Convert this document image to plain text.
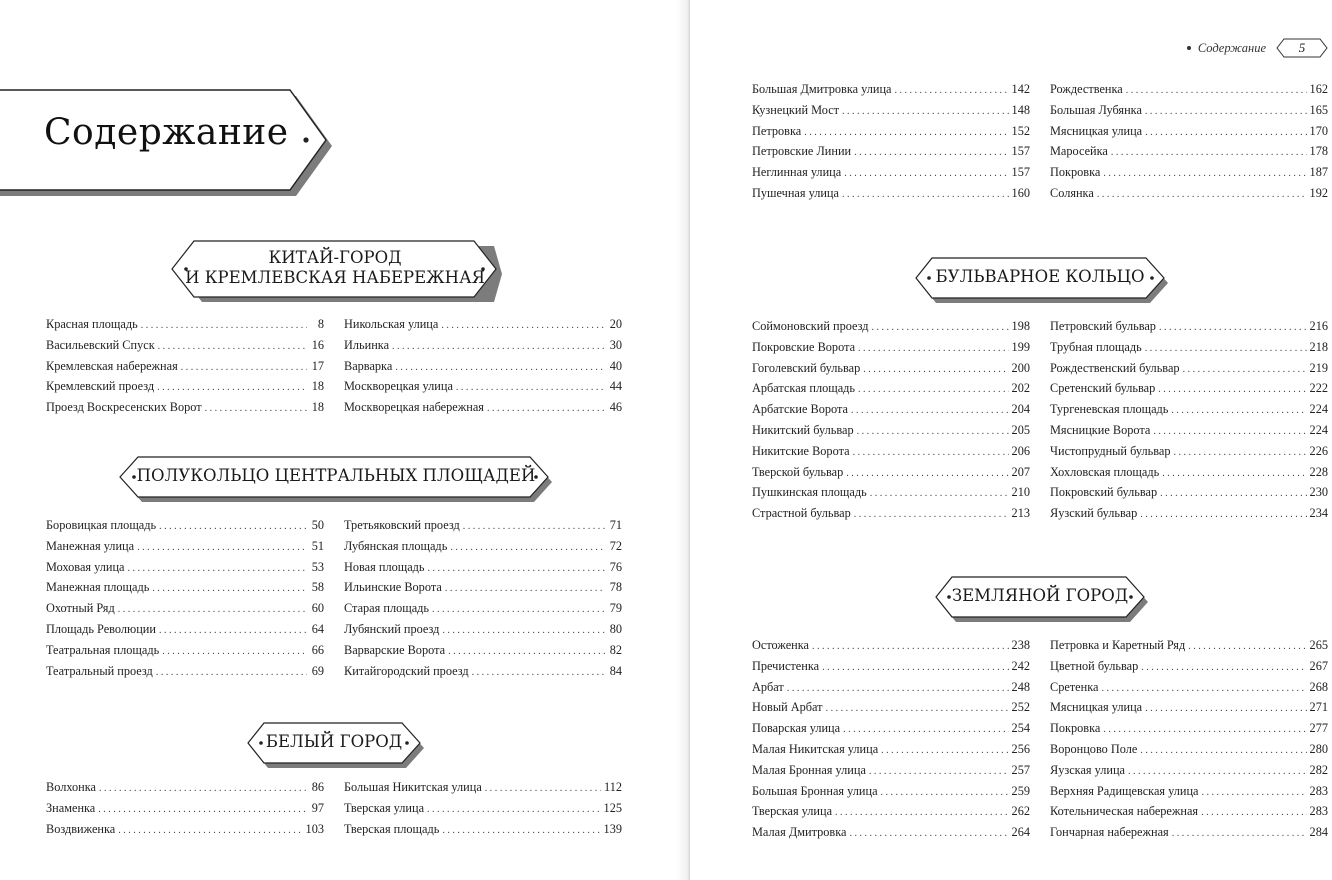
Содержание
КИТАЙ-ГОРОД
И КРЕМЛЕВСКАЯ НАБЕРЕЖНАЯ
Красная площадь . . .	8
Васильевский Спуск . . .	16
Кремлевская набережная . . .	17
Кремлевский проезд . . .	18
Проезд Воскресенских Ворот . . .	18
Никольская улица . . .	20
Ильинка . . .	30
Варварка . . .	40
Москворецкая улица . . .	44
Москворецкая набережная . . .	46
ПОЛУКОЛЬЦО ЦЕНТРАЛЬНЫХ ПЛОЩАДЕЙ
Боровицкая площадь . . .	50
Манежная улица . . .	51
Моховая улица . . .	53
Манежная площадь . . .	58
Охотный Ряд . . .	60
Площадь Революции . . .	64
Театральная площадь . . .	66
Театральный проезд . . .	69
Третьяковский проезд . . .	71
Лубянская площадь . . .	72
Новая площадь . . .	76
Ильинские Ворота . . .	78
Старая площадь . . .	79
Лубянский проезд . . .	80
Варварские Ворота . . .	82
Китайгородский проезд . . .	84
БЕЛЫЙ ГОРОД
Волхонка . . .	86
Знаменка . . .	97
Воздвиженка . . .	103
Большая Никитская улица . . .	112
Тверская улица . . .	125
Тверская площадь . . .	139
Содержание	5
Большая Дмитровка улица . . .	142
Кузнецкий Мост . . .	148
Петровка . . .	152
Петровские Линии . . .	157
Неглинная улица . . .	157
Пушечная улица . . .	160
Рождественка . . .	162
Большая Лубянка . . .	165
Мясницкая улица . . .	170
Маросейка . . .	178
Покровка . . .	187
Солянка . . .	192
БУЛЬВАРНОЕ КОЛЬЦО
Соймоновский проезд . . .	198
Покровские Ворота . . .	199
Гоголевский бульвар . . .	200
Арбатская площадь . . .	202
Арбатские Ворота . . .	204
Никитский бульвар . . .	205
Никитские Ворота . . .	206
Тверской бульвар . . .	207
Пушкинская площадь . . .	210
Страстной бульвар . . .	213
Петровский бульвар . . .	216
Трубная площадь . . .	218
Рождественский бульвар . . .	219
Сретенский бульвар . . .	222
Тургеневская площадь . . .	224
Мясницкие Ворота . . .	224
Чистопрудный бульвар . . .	226
Хохловская площадь . . .	228
Покровский бульвар . . .	230
Яузский бульвар . . .	234
ЗЕМЛЯНОЙ ГОРОД
Остоженка . . .	238
Пречистенка . . .	242
Арбат . . .	248
Новый Арбат . . .	252
Поварская улица . . .	254
Малая Никитская улица . . .	256
Малая Бронная улица . . .	257
Большая Бронная улица . . .	259
Тверская улица . . .	262
Малая Дмитровка . . .	264
Петровка и Каретный Ряд . . .	265
Цветной бульвар . . .	267
Сретенка . . .	268
Мясницкая улица . . .	271
Покровка . . .	277
Воронцово Поле . . .	280
Яузская улица . . .	282
Верхняя Радищевская улица . . .	283
Котельническая набережная . . .	283
Гончарная набережная . . .	284
